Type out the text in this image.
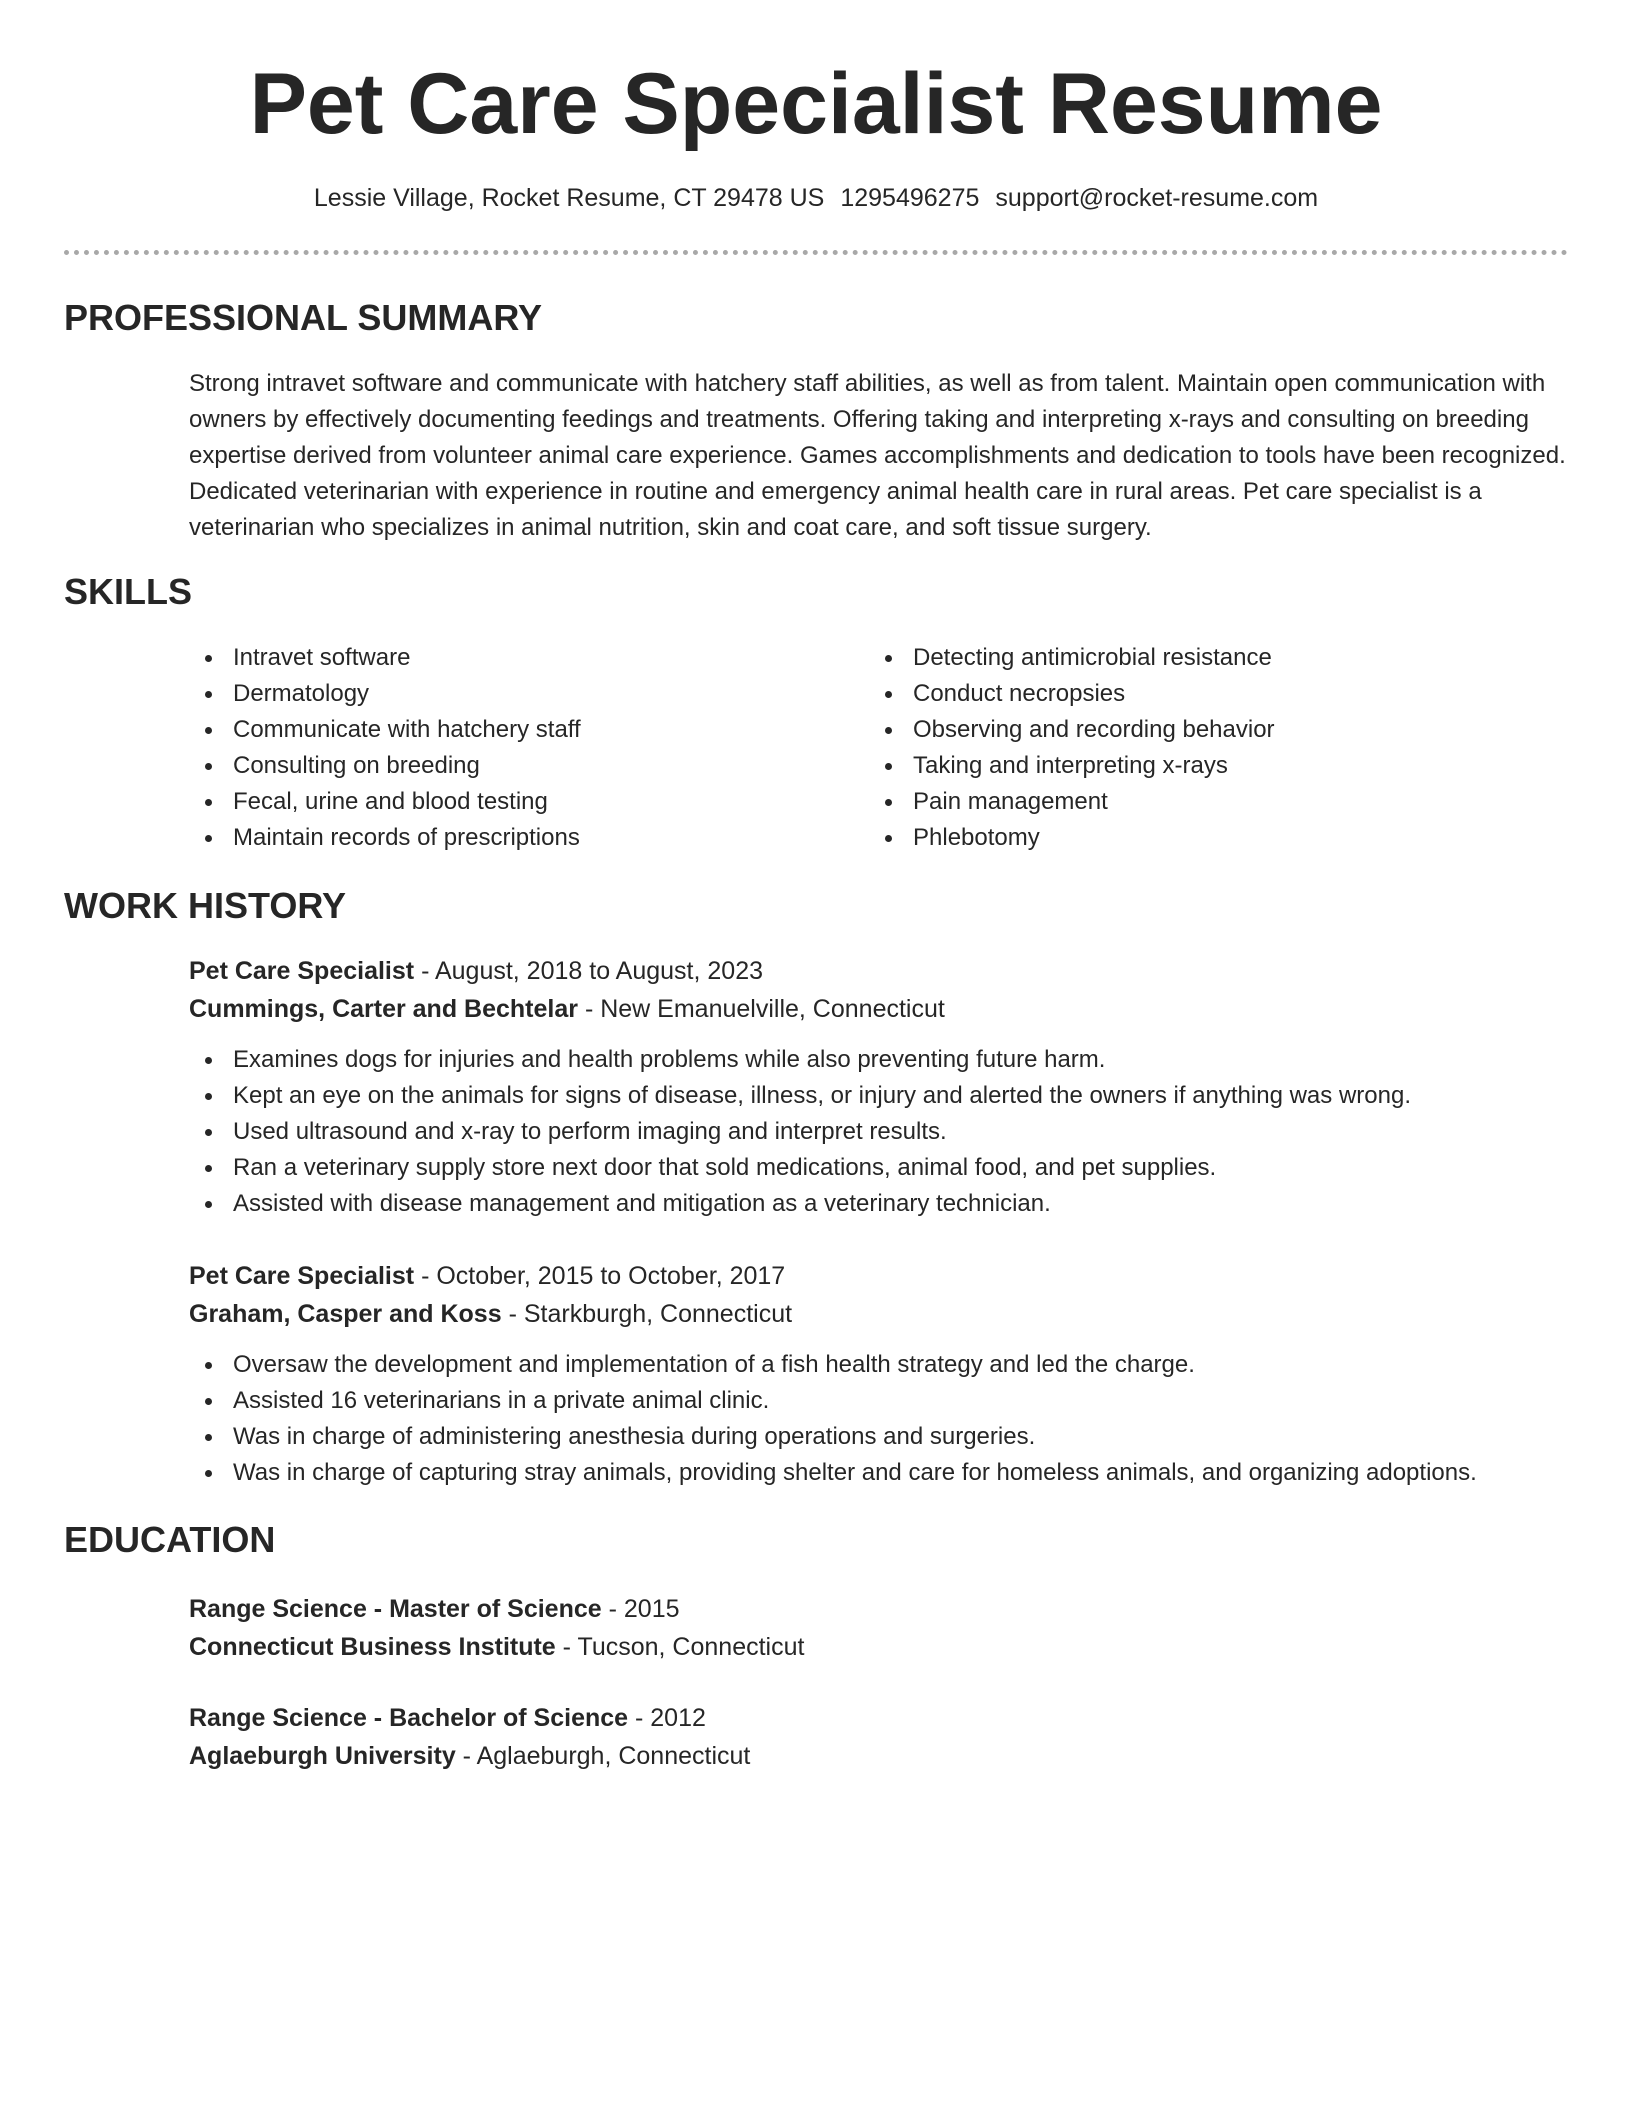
Pet Care Specialist Resume
Lessie Village, Rocket Resume, CT 29478 US 1295496275 support@rocket-resume.com
PROFESSIONAL SUMMARY

Strong intravet software and communicate with hatchery staff abilities, as well as from talent. Maintain open communication with owners by effectively documenting feedings and treatments. Offering taking and interpreting x-rays and consulting on breeding expertise derived from volunteer animal care experience. Games accomplishments and dedication to tools have been recognized. Dedicated veterinarian with experience in routine and emergency animal health care in rural areas. Pet care specialist is a veterinarian who specializes in animal nutrition, skin and coat care, and soft tissue surgery.

SKILLS
Intravet software
Dermatology
Communicate with hatchery staff
Consulting on breeding
Fecal, urine and blood testing
Maintain records of prescriptions
Detecting antimicrobial resistance
Conduct necropsies
Observing and recording behavior
Taking and interpreting x-rays
Pain management
Phlebotomy
WORK HISTORY
Pet Care Specialist - August, 2018 to August, 2023
Cummings, Carter and Bechtelar - New Emanuelville, Connecticut
Examines dogs for injuries and health problems while also preventing future harm.
Kept an eye on the animals for signs of disease, illness, or injury and alerted the owners if anything was wrong.
Used ultrasound and x-ray to perform imaging and interpret results.
Ran a veterinary supply store next door that sold medications, animal food, and pet supplies.
Assisted with disease management and mitigation as a veterinary technician.
Pet Care Specialist - October, 2015 to October, 2017
Graham, Casper and Koss - Starkburgh, Connecticut
Oversaw the development and implementation of a fish health strategy and led the charge.
Assisted 16 veterinarians in a private animal clinic.
Was in charge of administering anesthesia during operations and surgeries.
Was in charge of capturing stray animals, providing shelter and care for homeless animals, and organizing adoptions.
EDUCATION
Range Science - Master of Science - 2015
Connecticut Business Institute - Tucson, Connecticut
Range Science - Bachelor of Science - 2012
Aglaeburgh University - Aglaeburgh, Connecticut
